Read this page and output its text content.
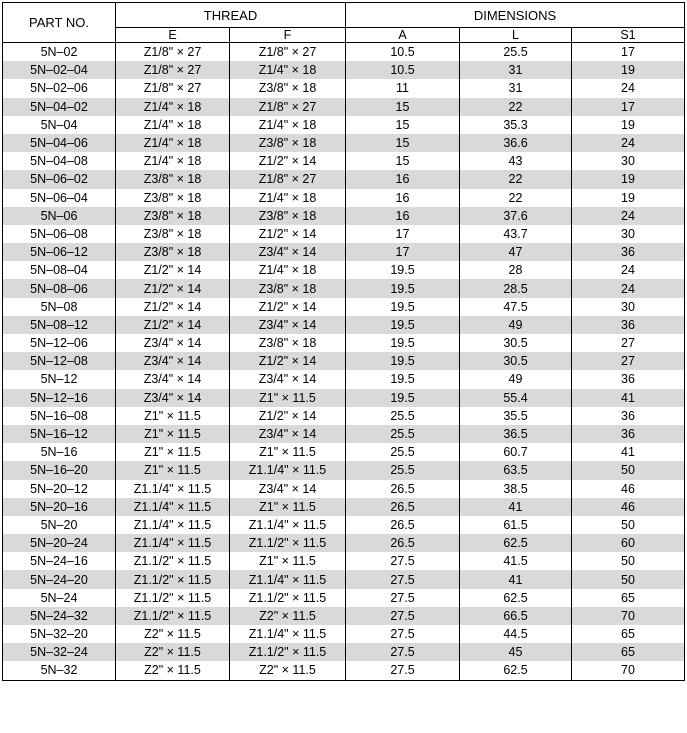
PART NO.	THREAD		DIMENSIONS		
	E	F	A	L	S1
5N–02	Z1/8" × 27	Z1/8" × 27	10.5	25.5	17
5N–02–04	Z1/8" × 27	Z1/4" × 18	10.5	31	19
5N–02–06	Z1/8" × 27	Z3/8" × 18	11	31	24
5N–04–02	Z1/4" × 18	Z1/8" × 27	15	22	17
5N–04	Z1/4" × 18	Z1/4" × 18	15	35.3	19
5N–04–06	Z1/4" × 18	Z3/8" × 18	15	36.6	24
5N–04–08	Z1/4" × 18	Z1/2" × 14	15	43	30
5N–06–02	Z3/8" × 18	Z1/8" × 27	16	22	19
5N–06–04	Z3/8" × 18	Z1/4" × 18	16	22	19
5N–06	Z3/8" × 18	Z3/8" × 18	16	37.6	24
5N–06–08	Z3/8" × 18	Z1/2" × 14	17	43.7	30
5N–06–12	Z3/8" × 18	Z3/4" × 14	17	47	36
5N–08–04	Z1/2" × 14	Z1/4" × 18	19.5	28	24
5N–08–06	Z1/2" × 14	Z3/8" × 18	19.5	28.5	24
5N–08	Z1/2" × 14	Z1/2" × 14	19.5	47.5	30
5N–08–12	Z1/2" × 14	Z3/4" × 14	19.5	49	36
5N–12–06	Z3/4" × 14	Z3/8" × 18	19.5	30.5	27
5N–12–08	Z3/4" × 14	Z1/2" × 14	19.5	30.5	27
5N–12	Z3/4" × 14	Z3/4" × 14	19.5	49	36
5N–12–16	Z3/4" × 14	Z1" × 11.5	19.5	55.4	41
5N–16–08	Z1" × 11.5	Z1/2" × 14	25.5	35.5	36
5N–16–12	Z1" × 11.5	Z3/4" × 14	25.5	36.5	36
5N–16	Z1" × 11.5	Z1" × 11.5	25.5	60.7	41
5N–16–20	Z1" × 11.5	Z1.1/4" × 11.5	25.5	63.5	50
5N–20–12	Z1.1/4" × 11.5	Z3/4" × 14	26.5	38.5	46
5N–20–16	Z1.1/4" × 11.5	Z1" × 11.5	26.5	41	46
5N–20	Z1.1/4" × 11.5	Z1.1/4" × 11.5	26.5	61.5	50
5N–20–24	Z1.1/4" × 11.5	Z1.1/2" × 11.5	26.5	62.5	60
5N–24–16	Z1.1/2" × 11.5	Z1" × 11.5	27.5	41.5	50
5N–24–20	Z1.1/2" × 11.5	Z1.1/4" × 11.5	27.5	41	50
5N–24	Z1.1/2" × 11.5	Z1.1/2" × 11.5	27.5	62.5	65
5N–24–32	Z1.1/2" × 11.5	Z2" × 11.5	27.5	66.5	70
5N–32–20	Z2" × 11.5	Z1.1/4" × 11.5	27.5	44.5	65
5N–32–24	Z2" × 11.5	Z1.1/2" × 11.5	27.5	45	65
5N–32	Z2" × 11.5	Z2" × 11.5	27.5	62.5	70
